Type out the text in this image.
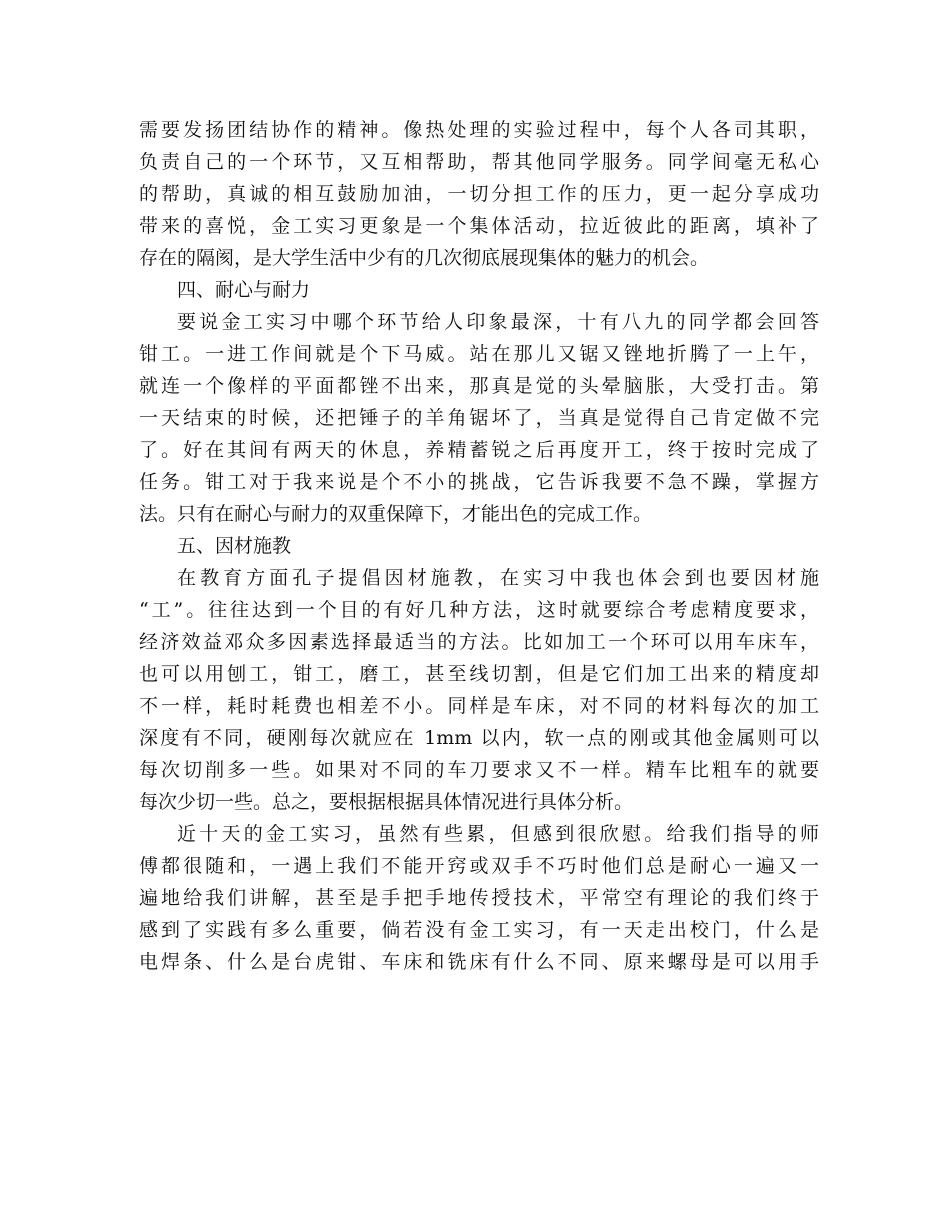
需要发扬团结协作的精神。像热处理的实验过程中，每个人各司其职，
负责自己的一个环节，又互相帮助，帮其他同学服务。同学间毫无私心
的帮助，真诚的相互鼓励加油，一切分担工作的压力，更一起分享成功
带来的喜悦，金工实习更象是一个集体活动，拉近彼此的距离，填补了
存在的隔阂，是大学生活中少有的几次彻底展现集体的魅力的机会。
四、耐心与耐力
要说金工实习中哪个环节给人印象最深，十有八九的同学都会回答
钳工。一进工作间就是个下马威。站在那儿又锯又锉地折腾了一上午，
就连一个像样的平面都锉不出来，那真是觉的头晕脑胀，大受打击。第
一天结束的时候，还把锤子的羊角锯坏了，当真是觉得自己肯定做不完
了。好在其间有两天的休息，养精蓄锐之后再度开工，终于按时完成了
任务。钳工对于我来说是个不小的挑战，它告诉我要不急不躁，掌握方
法。只有在耐心与耐力的双重保障下，才能出色的完成工作。
五、因材施教
在教育方面孔子提倡因材施教，在实习中我也体会到也要因材施
“工”。往往达到一个目的有好几种方法，这时就要综合考虑精度要求，
经济效益邓众多因素选择最适当的方法。比如加工一个环可以用车床车，
也可以用刨工，钳工，磨工，甚至线切割，但是它们加工出来的精度却
不一样，耗时耗费也相差不小。同样是车床，对不同的材料每次的加工
深度有不同，硬刚每次就应在 1mm 以内，软一点的刚或其他金属则可以
每次切削多一些。如果对不同的车刀要求又不一样。精车比粗车的就要
每次少切一些。总之，要根据根据具体情况进行具体分析。
近十天的金工实习，虽然有些累，但感到很欣慰。给我们指导的师
傅都很随和，一遇上我们不能开窍或双手不巧时他们总是耐心一遍又一
遍地给我们讲解，甚至是手把手地传授技术，平常空有理论的我们终于
感到了实践有多么重要，倘若没有金工实习，有一天走出校门，什么是
电焊条、什么是台虎钳、车床和铣床有什么不同、原来螺母是可以用手
